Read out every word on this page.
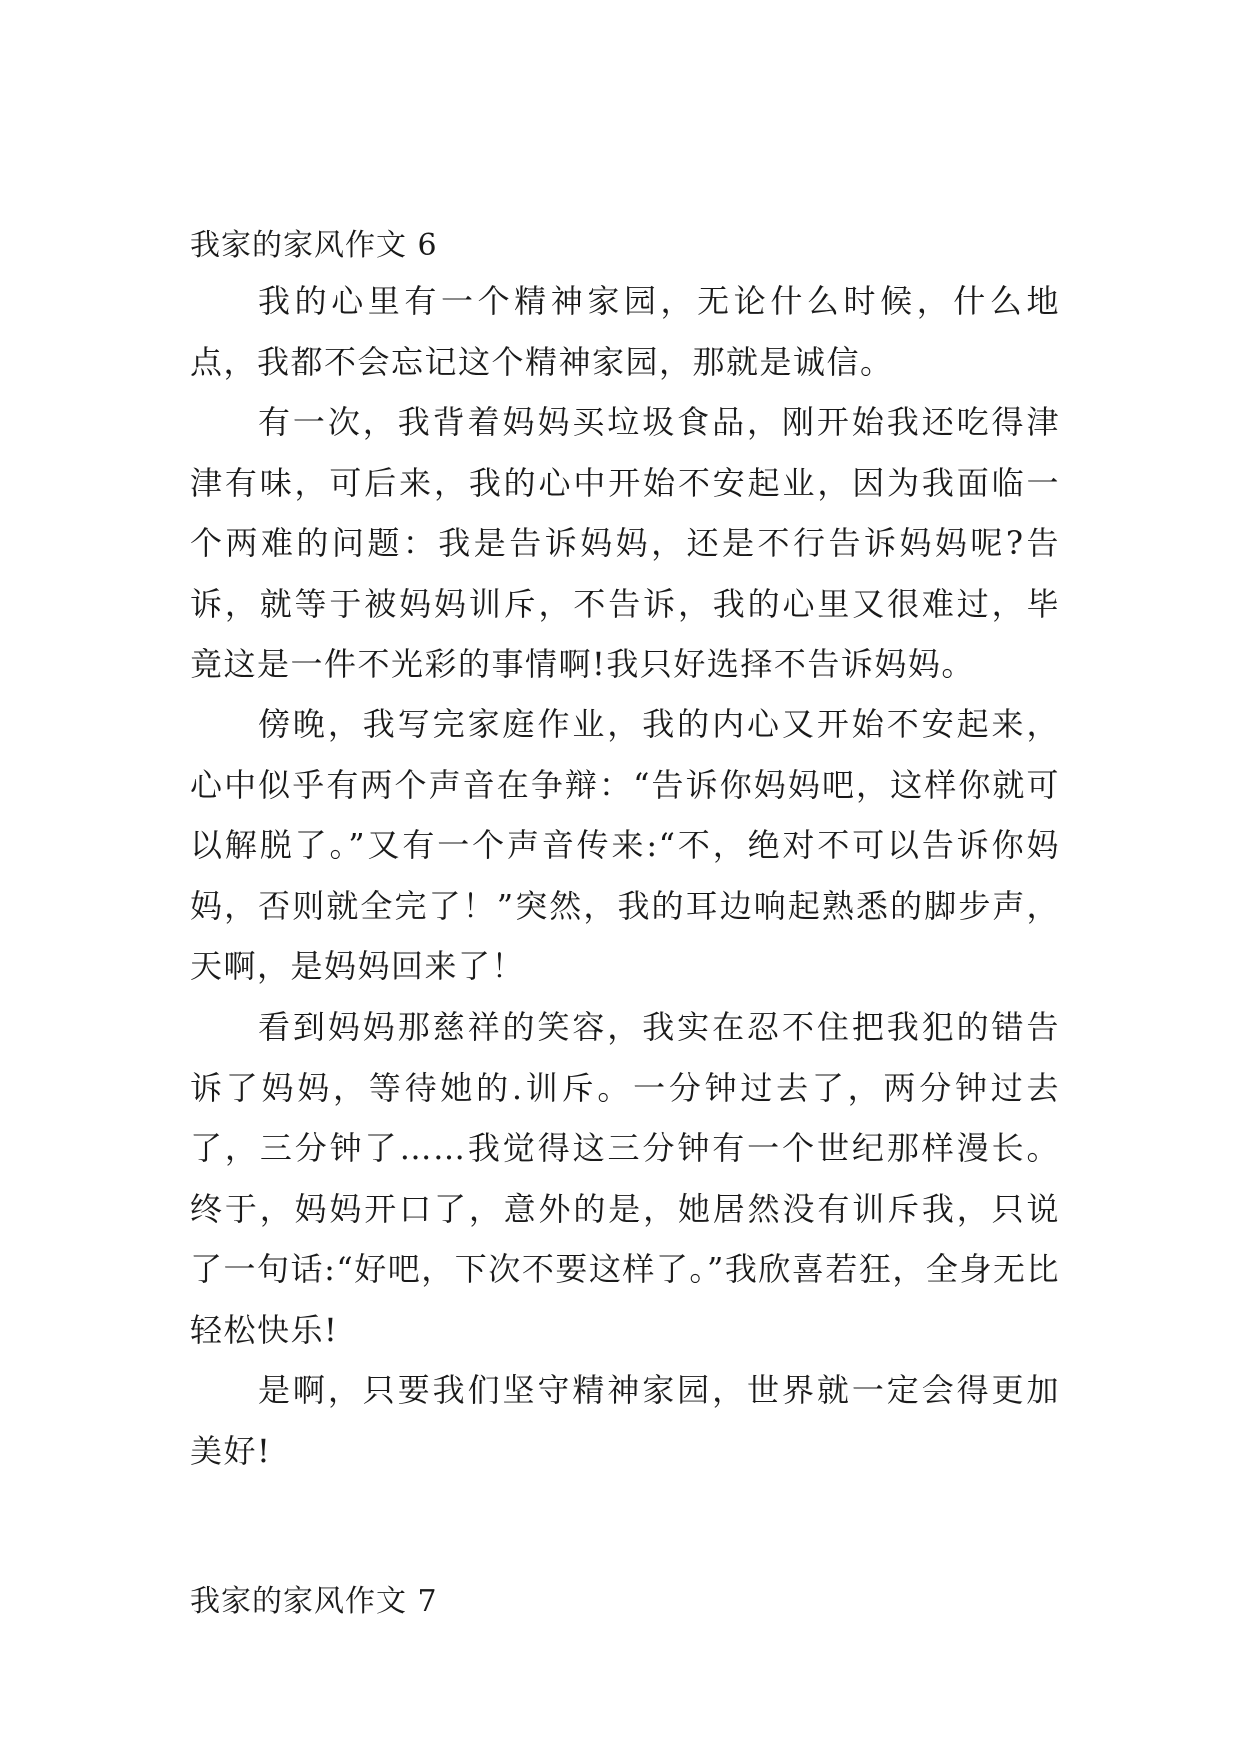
我家的家风作文 6

我的心里有一个精神家园，无论什么时候，什么地点，我都不会忘记这个精神家园，那就是诚信。

有一次，我背着妈妈买垃圾食品，刚开始我还吃得津津有味，可后来，我的心中开始不安起业，因为我面临一个两难的问题：我是告诉妈妈，还是不行告诉妈妈呢?告诉，就等于被妈妈训斥，不告诉，我的心里又很难过，毕竟这是一件不光彩的事情啊!我只好选择不告诉妈妈。

傍晚，我写完家庭作业，我的内心又开始不安起来，心中似乎有两个声音在争辩：“告诉你妈妈吧，这样你就可以解脱了。”又有一个声音传来:“不，绝对不可以告诉你妈妈，否则就全完了！”突然，我的耳边响起熟悉的脚步声，天啊，是妈妈回来了！

看到妈妈那慈祥的笑容，我实在忍不住把我犯的错告诉了妈妈，等待她的.训斥。一分钟过去了，两分钟过去了，三分钟了……我觉得这三分钟有一个世纪那样漫长。终于，妈妈开口了，意外的是，她居然没有训斥我，只说了一句话:“好吧，下次不要这样了。”我欣喜若狂，全身无比轻松快乐!

是啊，只要我们坚守精神家园，世界就一定会得更加美好!

我家的家风作文 7
